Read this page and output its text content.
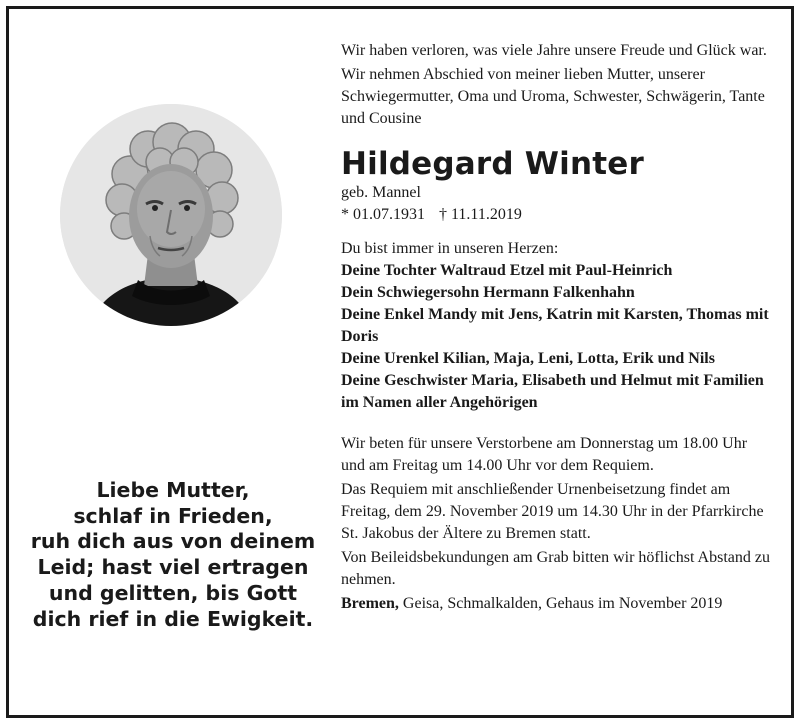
Liebe Mutter,
schlaf in Frieden,
ruh dich aus von deinem
Leid; hast viel ertragen
und gelitten, bis Gott
dich rief in die Ewigkeit.

Wir haben verloren, was viele Jahre unsere Freude und Glück war.

Wir nehmen Abschied von meiner lieben Mutter, unserer Schwiegermutter, Oma und Uroma, Schwester, Schwägerin, Tante und Cousine

Hildegard Winter

geb. Mannel

* 01.07.1931 † 11.11.2019

Du bist immer in unseren Herzen:

Deine Tochter Waltraud Etzel mit Paul-Heinrich
Dein Schwiegersohn Hermann Falkenhahn
Deine Enkel Mandy mit Jens, Katrin mit Karsten, Thomas mit Doris
Deine Urenkel Kilian, Maja, Leni, Lotta, Erik und Nils
Deine Geschwister Maria, Elisabeth und Helmut mit Familien
im Namen aller Angehörigen

Wir beten für unsere Verstorbene am Donnerstag um 18.00 Uhr und am Freitag um 14.00 Uhr vor dem Requiem.

Das Requiem mit anschließender Urnenbeisetzung findet am Freitag, dem 29. November 2019 um 14.30 Uhr in der Pfarrkirche St. Jakobus der Ältere zu Bremen statt.

Von Beileidsbekundungen am Grab bitten wir höflichst Abstand zu nehmen.

Bremen, Geisa, Schmalkalden, Gehaus im November 2019
